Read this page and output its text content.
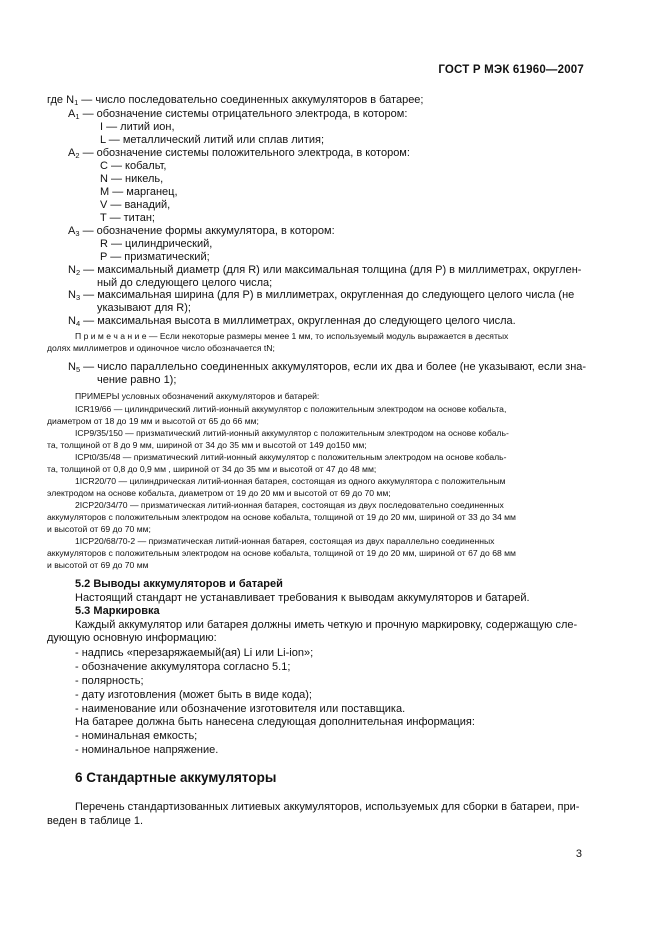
ГОСТ Р МЭК 61960—2007
где $N_1$ — число последовательно соединенных аккумуляторов в батарее;
$A_1$ — обозначение системы отрицательного электрода, в котором:
I — литий ион,
L — металлический литий или сплав лития;
$A_2$ — обозначение системы положительного электрода, в котором:
C — кобальт,
N — никель,
M — марганец,
V — ванадий,
T — титан;
$A_3$ — обозначение формы аккумулятора, в котором:
R — цилиндрический,
P — призматический;
$N_2$ — максимальный диаметр (для R) или максимальная толщина (для P) в миллиметрах, округлен-
ный до следующего целого числа;
$N_3$ — максимальная ширина (для P) в миллиметрах, округленная до следующего целого числа (не
указывают для R);
$N_4$ — максимальная высота в миллиметрах, округленная до следующего целого числа.
П р и м е ч а н и е — Если некоторые размеры менее 1 мм, то используемый модуль выражается в десятых
долях миллиметров и одиночное число обозначается tN;
$N_5$ — число параллельно соединенных аккумуляторов, если их два и более (не указывают, если зна-
чение равно 1);
ПРИМЕРЫ условных обозначений аккумуляторов и батарей:
ICR19/66 — цилиндрический литий-ионный аккумулятор с положительным электродом на основе кобальта,
диаметром от 18 до 19 мм и высотой от 65 до 66 мм;
ICP9/35/150 — призматический литий-ионный аккумулятор с положительным электродом на основе кобаль-
та, толщиной от 8 до 9 мм, шириной от 34 до 35 мм и высотой от 149 до150 мм;
ICPt0/35/48 — призматический литий-ионный аккумулятор с положительным электродом на основе кобаль-
та, толщиной от 0,8 до 0,9 мм , шириной от 34 до 35 мм и высотой от 47 до 48 мм;
1ICR20/70 — цилиндрическая литий-ионная батарея, состоящая из одного аккумулятора с положительным
электродом на основе кобальта, диаметром от 19 до 20 мм и высотой от 69 до 70 мм;
2ICP20/34/70 — призматическая литий-ионная батарея, состоящая из двух последовательно соединенных
аккумуляторов с положительным электродом на основе кобальта, толщиной от 19 до 20 мм, шириной от 33 до 34 мм
и высотой от 69 до 70 мм;
1ICP20/68/70-2 — призматическая литий-ионная батарея, состоящая из двух параллельно соединенных
аккумуляторов с положительным электродом на основе кобальта, толщиной от 19 до 20 мм, шириной от 67 до 68 мм
и высотой от 69 до 70 мм
5.2 Выводы аккумуляторов и батарей
Настоящий стандарт не устанавливает требования к выводам аккумуляторов и батарей.
5.3 Маркировка
Каждый аккумулятор или батарея должны иметь четкую и прочную маркировку, содержащую сле-
дующую основную информацию:
- надпись «перезаряжаемый(ая) Li или Li-ion»;
- обозначение аккумулятора согласно 5.1;
- полярность;
- дату изготовления (может быть в виде кода);
- наименование или обозначение изготовителя или поставщика.
На батарее должна быть нанесена следующая дополнительная информация:
- номинальная емкость;
- номинальное напряжение.
6 Стандартные аккумуляторы
Перечень стандартизованных литиевых аккумуляторов, используемых для сборки в батареи, при-
веден в таблице 1.
3
